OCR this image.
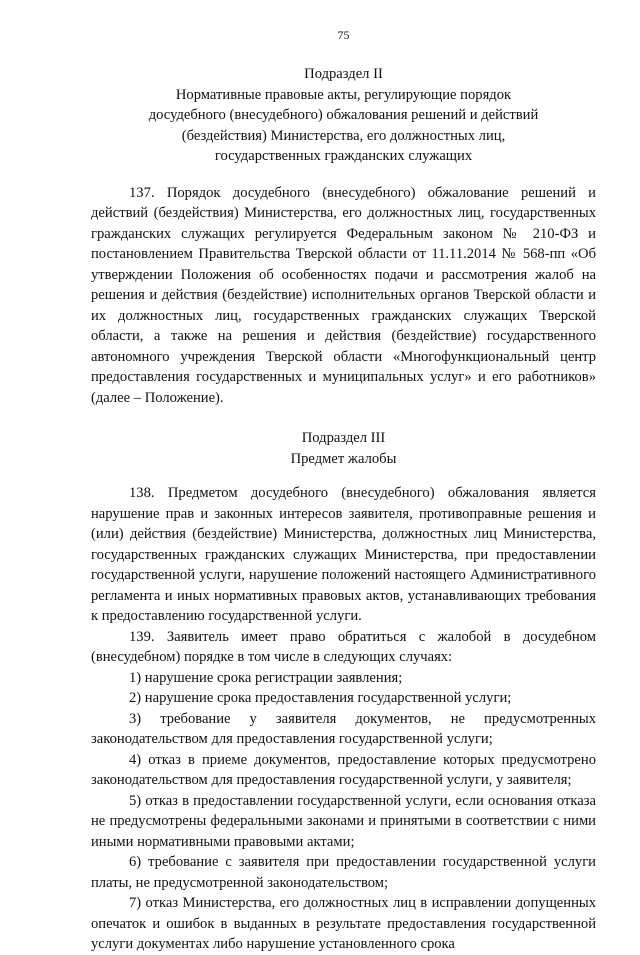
75
Подраздел II
Нормативные правовые акты, регулирующие порядок
досудебного (внесудебного) обжалования решений и действий
(бездействия) Министерства, его должностных лиц,
государственных гражданских служащих

137. Порядок досудебного (внесудебного) обжалование решений и действий (бездействия) Министерства, его должностных лиц, государственных гражданских служащих регулируется Федеральным законом № 210-ФЗ и постановлением Правительства Тверской области от 11.11.2014 № 568-пп «Об утверждении Положения об особенностях подачи и рассмотрения жалоб на решения и действия (бездействие) исполнительных органов Тверской области и их должностных лиц, государственных гражданских служащих Тверской области, а также на решения и действия (бездействие) государственного автономного учреждения Тверской области «Многофункциональный центр предоставления государственных и муниципальных услуг» и его работников» (далее – Положение).

Подраздел III
Предмет жалобы

138. Предметом досудебного (внесудебного) обжалования является нарушение прав и законных интересов заявителя, противоправные решения и (или) действия (бездействие) Министерства, должностных лиц Министерства, государственных гражданских служащих Министерства, при предоставлении государственной услуги, нарушение положений настоящего Административного регламента и иных нормативных правовых актов, устанавливающих требования к предоставлению государственной услуги.

139. Заявитель имеет право обратиться с жалобой в досудебном (внесудебном) порядке в том числе в следующих случаях:

1) нарушение срока регистрации заявления;

2) нарушение срока предоставления государственной услуги;

3) требование у заявителя документов, не предусмотренных законодательством для предоставления государственной услуги;

4) отказ в приеме документов, предоставление которых предусмотрено законодательством для предоставления государственной услуги, у заявителя;

5) отказ в предоставлении государственной услуги, если основания отказа не предусмотрены федеральными законами и принятыми в соответствии с ними иными нормативными правовыми актами;

6) требование с заявителя при предоставлении государственной услуги платы, не предусмотренной законодательством;

7) отказ Министерства, его должностных лиц в исправлении допущенных опечаток и ошибок в выданных в результате предоставления государственной услуги документах либо нарушение установленного срока
